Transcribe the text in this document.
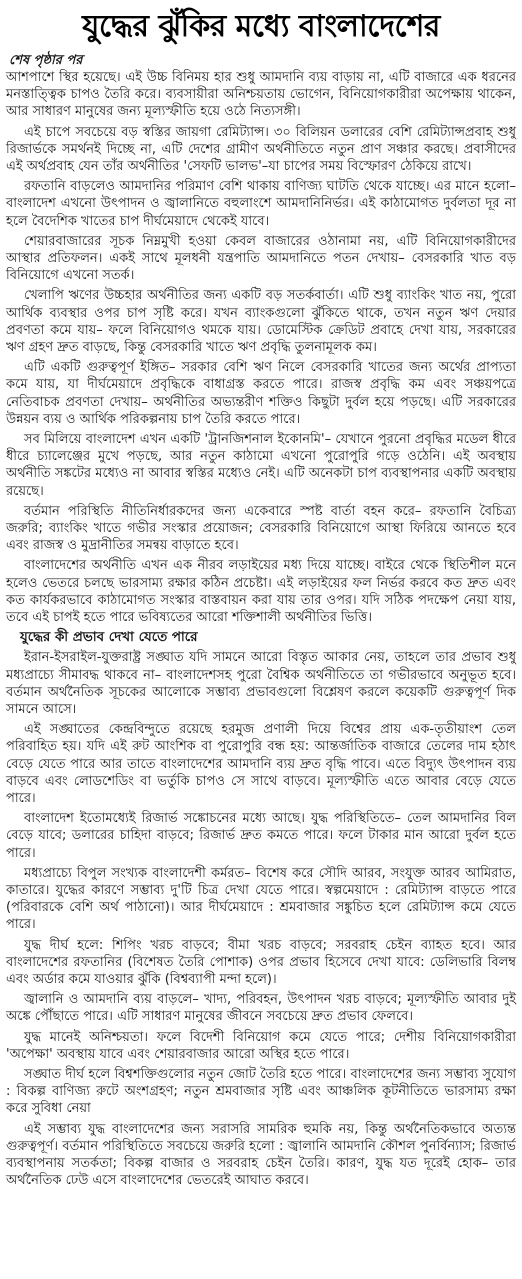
যুদ্ধের ঝুঁকির মধ্যে বাংলাদেশের
শেষ পৃষ্ঠার পর

আশপাশে স্থির হয়েছে। এই উচ্চ বিনিময় হার শুধু আমদানি ব্যয় বাড়ায় না, এটি বাজারে এক ধরনের মনস্তাত্ত্বিক চাপও তৈরি করে। ব্যবসায়ীরা অনিশ্চয়তায় ভোগেন, বিনিয়োগকারীরা অপেক্ষায় থাকেন, আর সাধারণ মানুষের জন্য মূল্যস্ফীতি হয়ে ওঠে নিত্যসঙ্গী।

এই চাপে সবচেয়ে বড় স্বস্তির জায়গা রেমিট্যান্স। ৩০ বিলিয়ন ডলারের বেশি রেমিট্যান্সপ্রবাহ শুধু রিজার্ভকে সমর্থনই দিচ্ছে না, এটি দেশের গ্রামীণ অর্থনীতিতে নতুন প্রাণ সঞ্চার করছে। প্রবাসীদের এই অর্থপ্রবাহ যেন তাঁর অর্থনীতির 'সেফটি ভালভ'–যা চাপের সময় বিস্ফোরণ ঠেকিয়ে রাখে।

রফতানি বাড়লেও আমদানির পরিমাণ বেশি থাকায় বাণিজ্য ঘাটতি থেকে যাচ্ছে। এর মানে হলো– বাংলাদেশ এখনো উৎপাদন ও জ্বালানিতে বহুলাংশে আমদানিনির্ভর। এই কাঠামোগত দুর্বলতা দূর না হলে বৈদেশিক খাতের চাপ দীর্ঘমেয়াদে থেকেই যাবে।

শেয়ারবাজারের সূচক নিম্নমুখী হওয়া কেবল বাজারের ওঠানামা নয়, এটি বিনিয়োগকারীদের আস্থার প্রতিফলন। একই সাথে মূলধনী যন্ত্রপাতি আমদানিতে পতন দেখায়– বেসরকারি খাত বড় বিনিয়োগে এখনো সতর্ক।

খেলাপি ঋণের উচ্চহার অর্থনীতির জন্য একটি বড় সতর্কবার্তা। এটি শুধু ব্যাংকিং খাত নয়, পুরো আর্থিক ব্যবস্থার ওপর চাপ সৃষ্টি করে। যখন ব্যাংকগুলো ঝুঁকিতে থাকে, তখন নতুন ঋণ দেয়ার প্রবণতা কমে যায়– ফলে বিনিয়োগও থমকে যায়। ডোমেস্টিক ক্রেডিট প্রবাহে দেখা যায়, সরকারের ঋণ গ্রহণ দ্রুত বাড়ছে, কিন্তু বেসরকারি খাতে ঋণ প্রবৃদ্ধি তুলনামূলক কম।

এটি একটি গুরুত্বপূর্ণ ইঙ্গিত– সরকার বেশি ঋণ নিলে বেসরকারি খাতের জন্য অর্থের প্রাপ্যতা কমে যায়, যা দীর্ঘমেয়াদে প্রবৃদ্ধিকে বাধাগ্রস্ত করতে পারে। রাজস্ব প্রবৃদ্ধি কম এবং সঞ্চয়পত্রে নেতিবাচক প্রবণতা দেখায়– অর্থনীতির অভ্যন্তরীণ শক্তিও কিছুটা দুর্বল হয়ে পড়ছে। এটি সরকারের উন্নয়ন ব্যয় ও আর্থিক পরিকল্পনায় চাপ তৈরি করতে পারে।

সব মিলিয়ে বাংলাদেশ এখন একটি 'ট্রানজিশনাল ইকোনমি'– যেখানে পুরনো প্রবৃদ্ধির মডেল ধীরে ধীরে চ্যালেঞ্জের মুখে পড়ছে, আর নতুন কাঠামো এখনো পুরোপুরি গড়ে ওঠেনি। এই অবস্থায় অর্থনীতি সঙ্কটের মধ্যেও না আবার স্বস্তির মধ্যেও নেই। এটি অনেকটা চাপ ব্যবস্থাপনার একটি অবস্থায় রয়েছে।

বর্তমান পরিস্থিতি নীতিনির্ধারকদের জন্য একেবারে স্পষ্ট বার্তা বহন করে– রফতানি বৈচিত্র্য জরুরি; ব্যাংকিং খাতে গভীর সংস্কার প্রয়োজন; বেসরকারি বিনিয়োগে আস্থা ফিরিয়ে আনতে হবে এবং রাজস্ব ও মুদ্রানীতির সমন্বয় বাড়াতে হবে।

বাংলাদেশের অর্থনীতি এখন এক নীরব লড়াইয়ের মধ্য দিয়ে যাচ্ছে। বাইরে থেকে স্থিতিশীল মনে হলেও ভেতরে চলছে ভারসাম্য রক্ষার কঠিন প্রচেষ্টা। এই লড়াইয়ের ফল নির্ভর করবে কত দ্রুত এবং কত কার্যকরভাবে কাঠামোগত সংস্কার বাস্তবায়ন করা যায় তার ওপর। যদি সঠিক পদক্ষেপ নেয়া যায়, তবে এই চাপই হতে পারে ভবিষ্যতের আরো শক্তিশালী অর্থনীতির ভিত্তি।

যুদ্ধের কী প্রভাব দেখা যেতে পারে

ইরান-ইসরাইল-যুক্তরাষ্ট্র সঙ্ঘাত যদি সামনে আরো বিস্তৃত আকার নেয়, তাহলে তার প্রভাব শুধু মধ্যপ্রাচ্যে সীমাবদ্ধ থাকবে না– বাংলাদেশসহ পুরো বৈশ্বিক অর্থনীতিতে তা গভীরভাবে অনুভূত হবে। বর্তমান অর্থনৈতিক সূচকের আলোকে সম্ভাব্য প্রভাবগুলো বিশ্লেষণ করলে কয়েকটি গুরুত্বপূর্ণ দিক সামনে আসে।

এই সঙ্ঘাতের কেন্দ্রবিন্দুতে রয়েছে হরমুজ প্রণালী দিয়ে বিশ্বের প্রায় এক-তৃতীয়াংশ তেল পরিবাহিত হয়। যদি এই রুট আংশিক বা পুরোপুরি বন্ধ হয়: আন্তর্জাতিক বাজারে তেলের দাম হঠাৎ বেড়ে যেতে পারে আর তাতে বাংলাদেশের আমদানি ব্যয় দ্রুত বৃদ্ধি পাবে। এতে বিদ্যুৎ উৎপাদন ব্যয় বাড়বে এবং লোডশেডিং বা ভর্তুকি চাপও সে সাথে বাড়বে। মূল্যস্ফীতি এতে আবার বেড়ে যেতে পারে।

বাংলাদেশ ইতোমধ্যেই রিজার্ভ সঙ্কোচনের মধ্যে আছে। যুদ্ধ পরিস্থিতিতে– তেল আমদানির বিল বেড়ে যাবে; ডলারের চাহিদা বাড়বে; রিজার্ভ দ্রুত কমতে পারে। ফলে টাকার মান আরো দুর্বল হতে পারে।

মধ্যপ্রাচ্যে বিপুল সংখ্যক বাংলাদেশী কর্মরত– বিশেষ করে সৌদি আরব, সংযুক্ত আরব আমিরাত, কাতারে। যুদ্ধের কারণে সম্ভাব্য দু'টি চিত্র দেখা যেতে পারে। স্বল্পমেয়াদে : রেমিট্যান্স বাড়তে পারে (পরিবারকে বেশি অর্থ পাঠানো)। আর দীর্ঘমেয়াদে : শ্রমবাজার সঙ্কুচিত হলে রেমিট্যান্স কমে যেতে পারে।

যুদ্ধ দীর্ঘ হলে: শিপিং খরচ বাড়বে; বীমা খরচ বাড়বে; সরবরাহ চেইন ব্যাহত হবে। আর বাংলাদেশের রফতানির (বিশেষত তৈরি পোশাক) ওপর প্রভাব হিসেবে দেখা যাবে: ডেলিভারি বিলম্ব এবং অর্ডার কমে যাওয়ার ঝুঁকি (বিশ্বব্যাপী মন্দা হলে)।

জ্বালানি ও আমদানি ব্যয় বাড়লে– খাদ্য, পরিবহন, উৎপাদন খরচ বাড়বে; মূল্যস্ফীতি আবার দুই অঙ্কে পৌঁছাতে পারে। এটি সাধারণ মানুষের জীবনে সবচেয়ে দ্রুত প্রভাব ফেলবে।

যুদ্ধ মানেই অনিশ্চয়তা। ফলে বিদেশী বিনিয়োগ কমে যেতে পারে; দেশীয় বিনিয়োগকারীরা 'অপেক্ষা' অবস্থায় যাবে এবং শেয়ারবাজার আরো অস্থির হতে পারে।

সঙ্ঘাত দীর্ঘ হলে বিশ্বশক্তিগুলোর নতুন জোট তৈরি হতে পারে। বাংলাদেশের জন্য সম্ভাব্য সুযোগ : বিকল্প বাণিজ্য রুটে অংশগ্রহণ; নতুন শ্রমবাজার সৃষ্টি এবং আঞ্চলিক কূটনীতিতে ভারসাম্য রক্ষা করে সুবিধা নেয়া

এই সম্ভাব্য যুদ্ধ বাংলাদেশের জন্য সরাসরি সামরিক হুমকি নয়, কিন্তু অর্থনৈতিকভাবে অত্যন্ত গুরুত্বপূর্ণ। বর্তমান পরিস্থিতিতে সবচেয়ে জরুরি হলো : জ্বালানি আমদানি কৌশল পুনর্বিন্যাস; রিজার্ভ ব্যবস্থাপনায় সতর্কতা; বিকল্প বাজার ও সরবরাহ চেইন তৈরি। কারণ, যুদ্ধ যত দূরেই হোক– তার অর্থনৈতিক ঢেউ এসে বাংলাদেশের ভেতরেই আঘাত করবে।
